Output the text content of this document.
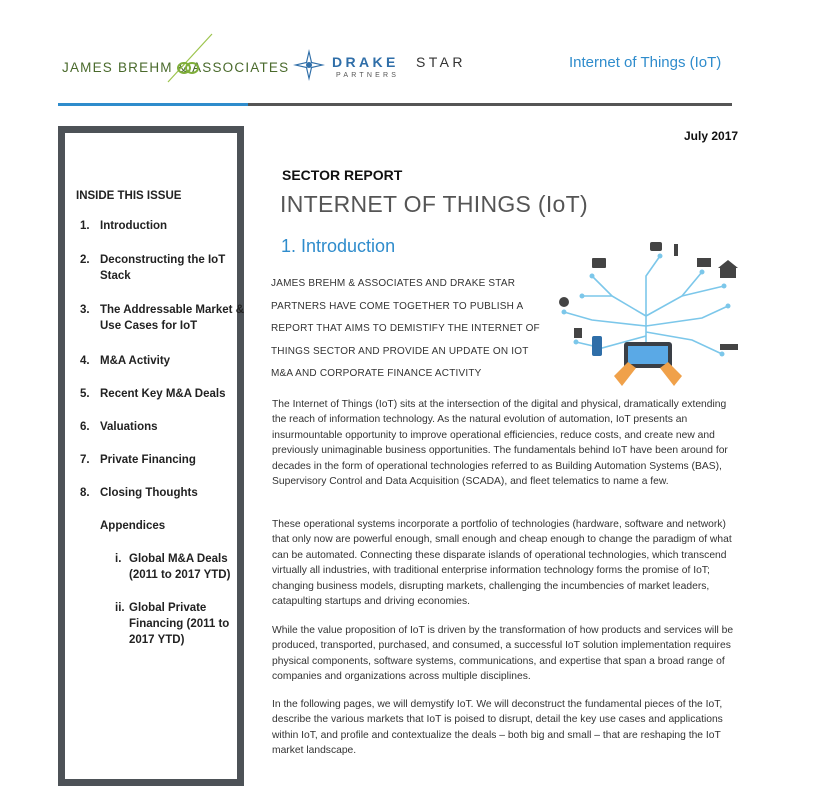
JAMES BREHM & ASSOCIATES	DRAKE STAR
PARTNERS
Internet of Things (IoT)
July 2017
INSIDE THIS ISSUE
1. Introduction
2. Deconstructing the IoT Stack
3. The Addressable Market & Use Cases for IoT
4. M&A Activity
5. Recent Key M&A Deals
6. Valuations
7. Private Financing
8. Closing Thoughts
Appendices
i. Global M&A Deals (2011 to 2017 YTD)
ii. Global Private Financing (2011 to 2017 YTD)
SECTOR REPORT
INTERNET OF THINGS (IoT)
1. Introduction
JAMES BREHM & ASSOCIATES AND DRAKE STAR PARTNERS HAVE COME TOGETHER TO PUBLISH A REPORT THAT AIMS TO DEMISTIFY THE INTERNET OF THINGS SECTOR AND PROVIDE AN UPDATE ON IOT M&A AND CORPORATE FINANCE ACTIVITY
The Internet of Things (IoT) sits at the intersection of the digital and physical, dramatically extending the reach of information technology. As the natural evolution of automation, IoT presents an insurmountable opportunity to improve operational efficiencies, reduce costs, and create new and previously unimaginable business opportunities. The fundamentals behind IoT have been around for decades in the form of operational technologies referred to as Building Automation Systems (BAS), Supervisory Control and Data Acquisition (SCADA), and fleet telematics to name a few.
These operational systems incorporate a portfolio of technologies (hardware, software and network) that only now are powerful enough, small enough and cheap enough to change the paradigm of what can be automated. Connecting these disparate islands of operational technologies, which transcend virtually all industries, with traditional enterprise information technology forms the promise of IoT; changing business models, disrupting markets, challenging the incumbencies of market leaders, catapulting startups and driving economies.
While the value proposition of IoT is driven by the transformation of how products and services will be produced, transported, purchased, and consumed, a successful IoT solution implementation requires physical components, software systems, communications, and expertise that span a broad range of companies and organizations across multiple disciplines.
In the following pages, we will demystify IoT. We will deconstruct the fundamental pieces of the IoT, describe the various markets that IoT is poised to disrupt, detail the key use cases and applications within IoT, and profile and contextualize the deals – both big and small – that are reshaping the IoT market landscape.
